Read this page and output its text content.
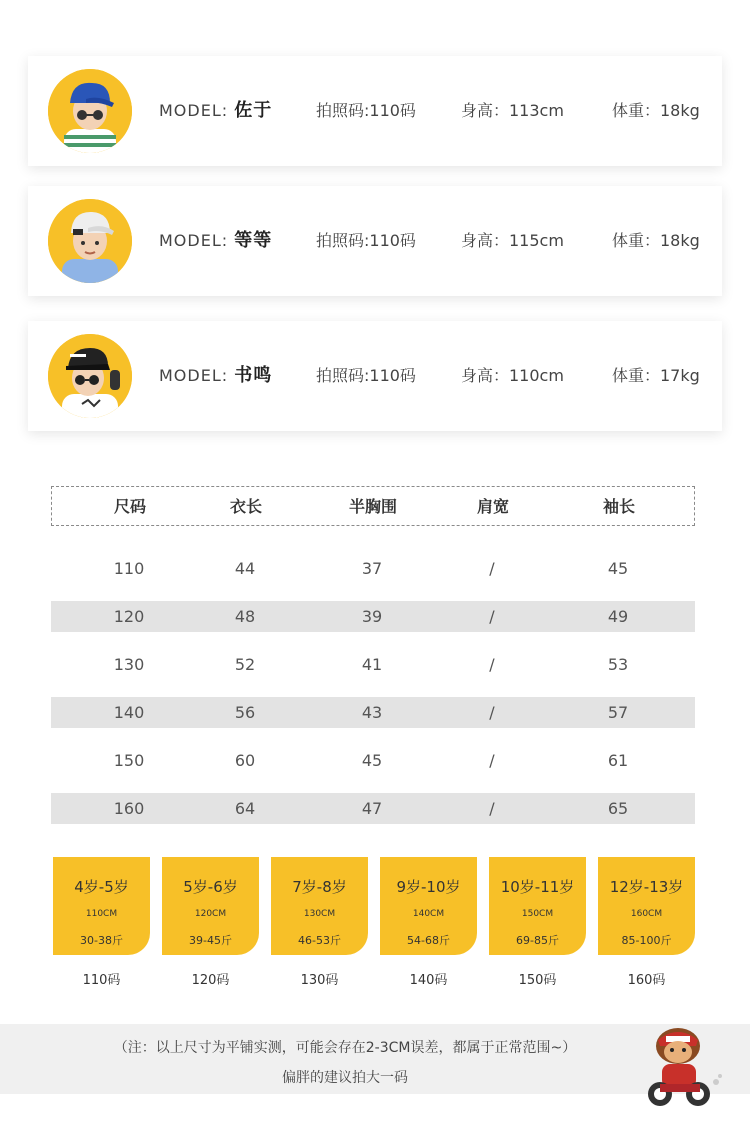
MODEL: 佐于	拍照码:110码	身高：113cm	体重：18kg
MODEL: 等等	拍照码:110码	身高：115cm	体重：18kg
MODEL: 书鸣	拍照码:110码	身高：110cm	体重：17kg
尺码	衣长	半胸围	肩宽	袖长
110	44	37	/	45
120	48	39	/	49
130	52	41	/	53
140	56	43	/	57
150	60	45	/	61
160	64	47	/	65
4岁-5岁
110CM
30-38斤
110码
5岁-6岁
120CM
39-45斤
120码
7岁-8岁
130CM
46-53斤
130码
9岁-10岁
140CM
54-68斤
140码
10岁-11岁
150CM
69-85斤
150码
12岁-13岁
160CM
85-100斤
160码
（注：以上尺寸为平铺实测，可能会存在2-3CM误差，都属于正常范围~）
偏胖的建议拍大一码
